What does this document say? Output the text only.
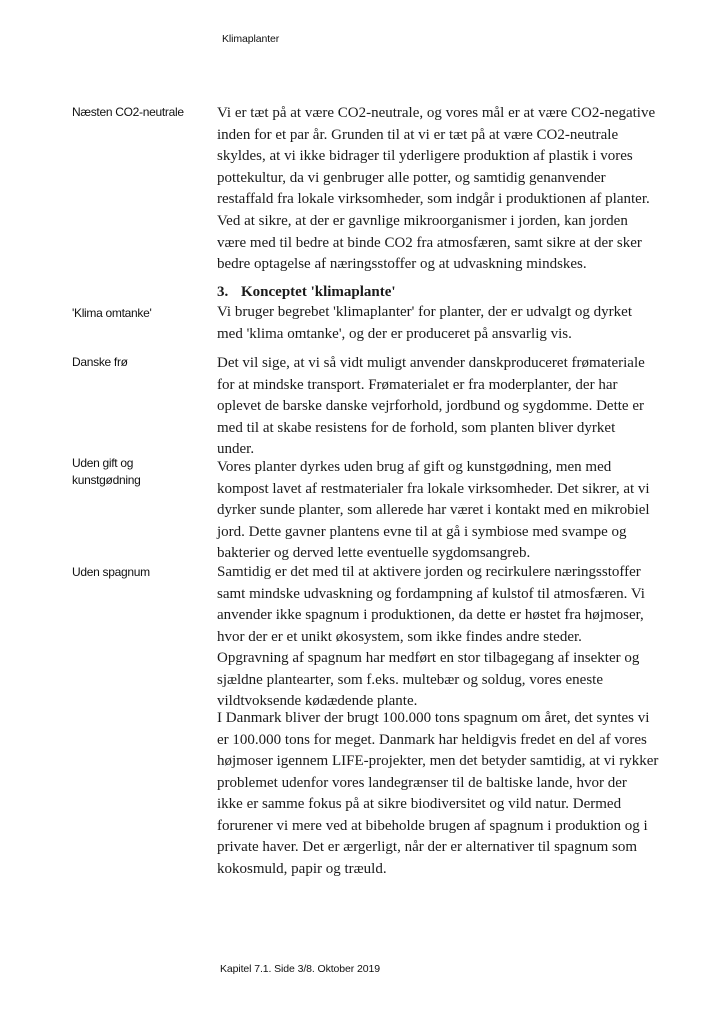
Klimaplanter
Næsten CO2-neutrale
'Klima omtanke'
Danske frø
Uden gift og
kunstgødning
Uden spagnum
Vi er tæt på at være CO2-neutrale, og vores mål er at være CO2-negative
inden for et par år. Grunden til at vi er tæt på at være CO2-neutrale
skyldes, at vi ikke bidrager til yderligere produktion af plastik i vores
pottekultur, da vi genbruger alle potter, og samtidig genanvender
restaffald fra lokale virksomheder, som indgår i produktionen af planter.
Ved at sikre, at der er gavnlige mikroorganismer i jorden, kan jorden
være med til bedre at binde CO2 fra atmosfæren, samt sikre at der sker
bedre optagelse af næringsstoffer og at udvaskning mindskes.
3. Konceptet 'klimaplante'
Vi bruger begrebet 'klimaplanter' for planter, der er udvalgt og dyrket
med 'klima omtanke', og der er produceret på ansvarlig vis.
Det vil sige, at vi så vidt muligt anvender danskproduceret frømateriale
for at mindske transport. Frømaterialet er fra moderplanter, der har
oplevet de barske danske vejrforhold, jordbund og sygdomme. Dette er
med til at skabe resistens for de forhold, som planten bliver dyrket
under.
Vores planter dyrkes uden brug af gift og kunstgødning, men med
kompost lavet af restmaterialer fra lokale virksomheder. Det sikrer, at vi
dyrker sunde planter, som allerede har været i kontakt med en mikrobiel
jord. Dette gavner plantens evne til at gå i symbiose med svampe og
bakterier og derved lette eventuelle sygdomsangreb.
Samtidig er det med til at aktivere jorden og recirkulere næringsstoffer
samt mindske udvaskning og fordampning af kulstof til atmosfæren. Vi
anvender ikke spagnum i produktionen, da dette er høstet fra højmoser,
hvor der er et unikt økosystem, som ikke findes andre steder.
Opgravning af spagnum har medført en stor tilbagegang af insekter og
sjældne plantearter, som f.eks. multebær og soldug, vores eneste
vildtvoksende kødædende plante.
I Danmark bliver der brugt 100.000 tons spagnum om året, det syntes vi
er 100.000 tons for meget. Danmark har heldigvis fredet en del af vores
højmoser igennem LIFE-projekter, men det betyder samtidig, at vi rykker
problemet udenfor vores landegrænser til de baltiske lande, hvor der
ikke er samme fokus på at sikre biodiversitet og vild natur. Dermed
forurener vi mere ved at bibeholde brugen af spagnum i produktion og i
private haver. Det er ærgerligt, når der er alternativer til spagnum som
kokosmuld, papir og træuld.
Kapitel 7.1. Side 3/8. Oktober 2019
